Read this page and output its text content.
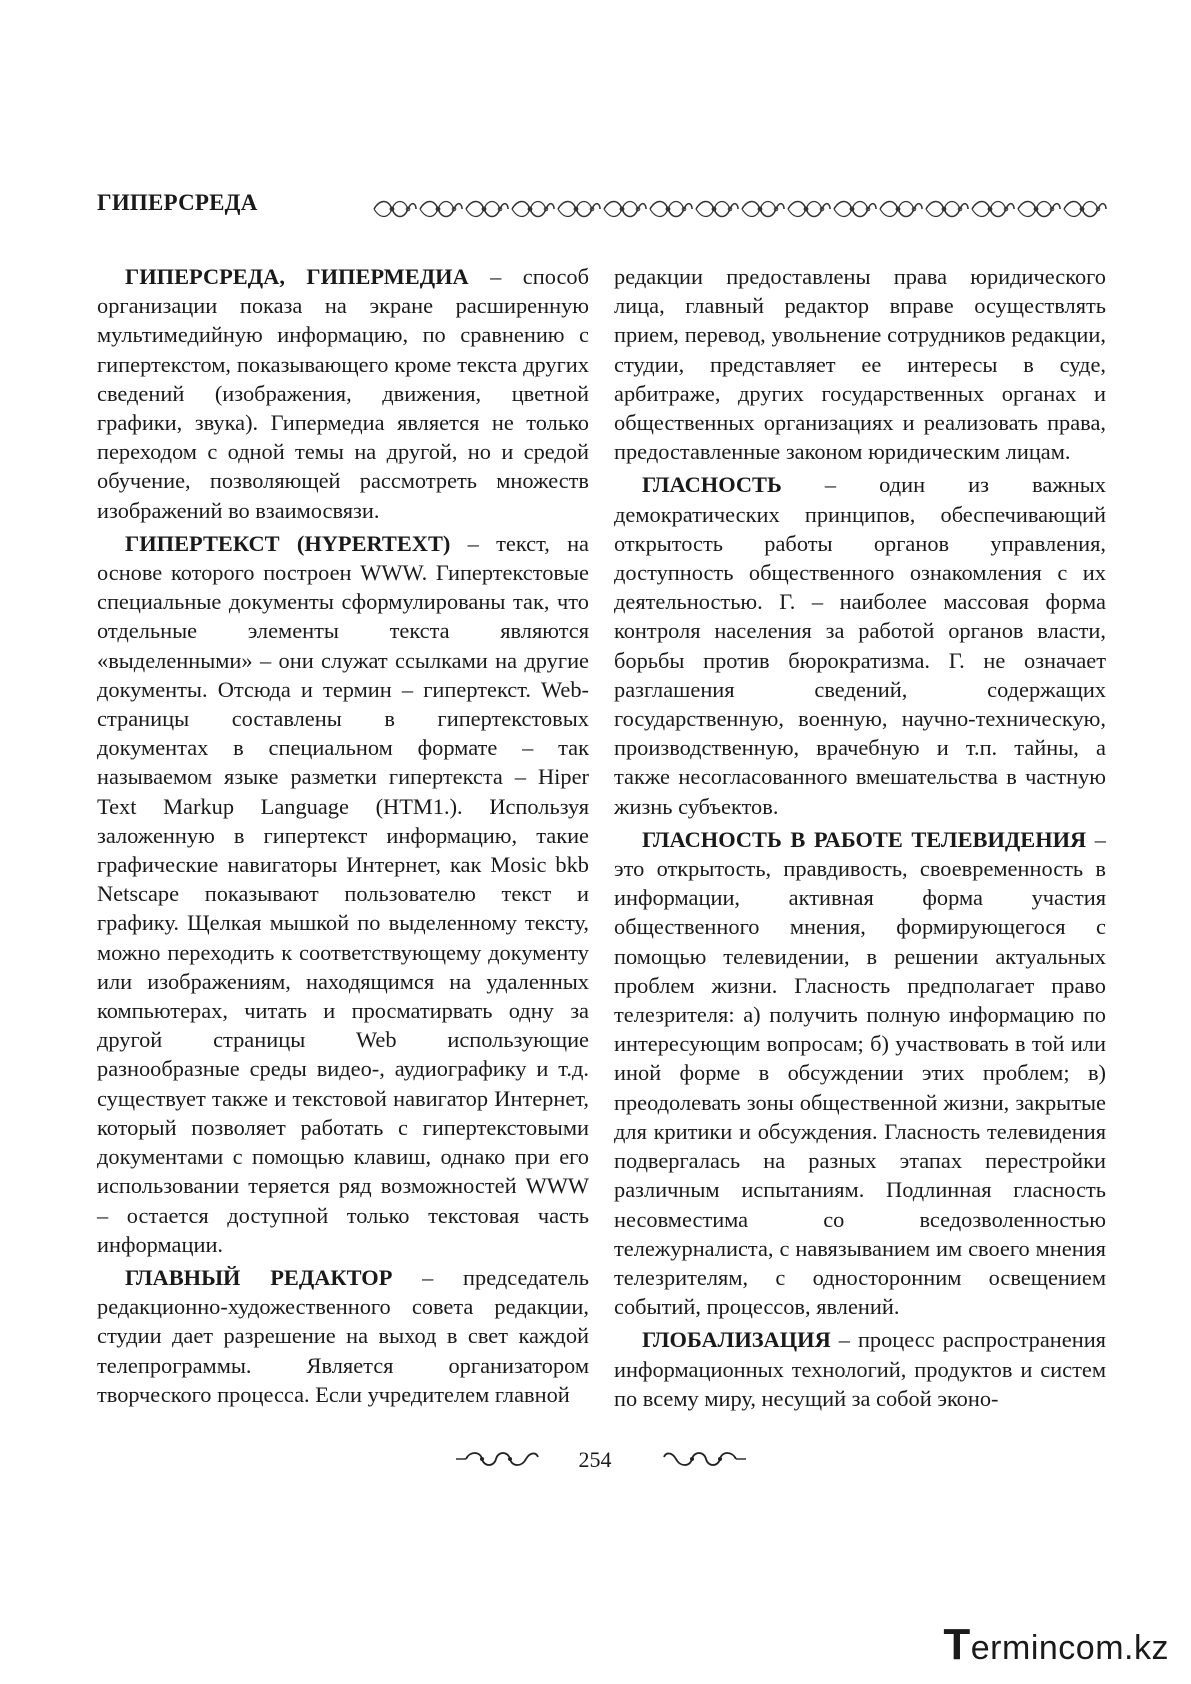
ГИПЕРСРЕДА

ГИПЕРСРЕДА, ГИПЕРМЕДИА – способ организации показа на экране расширенную мультимедийную информацию, по сравнению с гипертекстом, показывающего кроме текста других сведений (изображения, движения, цветной графики, звука). Гипермедиа является не только переходом с одной темы на другой, но и средой обучение, позволяющей рассмотреть множеств изображений во взаимосвязи.

ГИПЕРТЕКСТ (HYPERTEXT) – текст, на основе которого построен WWW. Гипертекстовые специальные документы сформулированы так, что отдельные элементы текста являются «выделенными» – они служат ссылками на другие документы. Отсюда и термин – гипертекст. Web-страницы составлены в гипертекстовых документах в специальном формате – так называемом языке разметки гипертекста – Hiper Text Markup Language (HTM1.). Используя заложенную в гипертекст информацию, такие графические навигаторы Интернет, как Mosic bkb Netscape показывают пользователю текст и графику. Щелкая мышкой по выделенному тексту, можно переходить к соответствующему документу или изображениям, находящимся на удаленных компьютерах, читать и просматирвать одну за другой страницы Web использующие разнообразные среды видео-, аудиографику и т.д. существует также и текстовой навигатор Интернет, который позволяет работать с гипертекстовыми документами с помощью клавиш, однако при его использовании теряется ряд возможностей WWW – остается доступной только текстовая часть информации.

ГЛАВНЫЙ РЕДАКТОР – председатель редакционно-художественного совета редакции, студии дает разрешение на выход в свет каждой телепрограммы. Является организатором творческого процесса. Если учредителем главной

редакции предоставлены права юридического лица, главный редактор вправе осуществлять прием, перевод, увольнение сотрудников редакции, студии, представляет ее интересы в суде, арбитраже, других государственных органах и общественных организациях и реализовать права, предоставленные законом юридическим лицам.

ГЛАСНОСТЬ – один из важных демократических принципов, обеспечивающий открытость работы органов управления, доступность общественного ознакомления с их деятельностью. Г. – наиболее массовая форма контроля населения за работой органов власти, борьбы против бюрократизма. Г. не означает разглашения сведений, содержащих государственную, военную, научно-техническую, производственную, врачебную и т.п. тайны, а также несогласованного вмешательства в частную жизнь субъектов.

ГЛАСНОСТЬ В РАБОТЕ ТЕЛЕВИДЕНИЯ – это открытость, правдивость, своевременность в информации, активная форма участия общественного мнения, формирующегося с помощью телевидении, в решении актуальных проблем жизни. Гласность предполагает право телезрителя: а) получить полную информацию по интересующим вопросам; б) участвовать в той или иной форме в обсуждении этих проблем; в) преодолевать зоны общественной жизни, закрытые для критики и обсуждения. Гласность телевидения подвергалась на разных этапах перестройки различным испытаниям. Подлинная гласность несовместима со вседозволенностью тележурналиста, с навязыванием им своего мнения телезрителям, с односторонним освещением событий, процессов, явлений.

ГЛОБАЛИЗАЦИЯ – процесс распространения информационных технологий, продуктов и систем по всему миру, несущий за собой эконо-

254
Termincom.kz
